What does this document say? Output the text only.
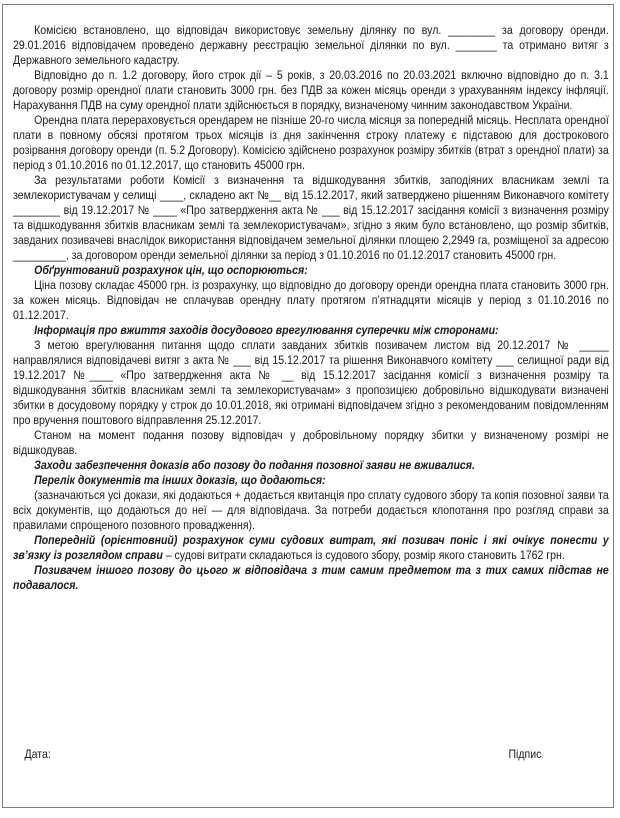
Комісією встановлено, що відповідач використовує земельну ділянку по вул. ________ за договору оренди. 29.01.2016 відповідачем проведено державну реєстрацію земельної ділянки по вул. _______ та отримано витяг з Державного земельного кадастру.

Відповідно до п. 1.2 договору, його строк дії – 5 років, з 20.03.2016 по 20.03.2021 включно відповідно до п. 3.1 договору розмір орендної плати становить 3000 грн. без ПДВ за кожен місяць оренди з урахуванням індексу інфляції. Нарахування ПДВ на суму орендної плати здійснюється в порядку, визначеному чинним законодавством України.

Орендна плата перераховується орендарем не пізніше 20-го числа місяця за попередній місяць. Несплата орендної плати в повному обсязі протягом трьох місяців із дня закінчення строку платежу є підставою для дострокового розірвання договору оренди (п. 5.2 Договору). Комісією здійснено розрахунок розміру збитків (втрат з орендної плати) за період з 01.10.2016 по 01.12.2017, що становить 45000 грн.

За результатами роботи Комісії з визначення та відшкодування збитків, заподіяних власникам землі та землекористувачам у селищі ____, складено акт №__ від 15.12.2017, який затверджено рішенням Виконавчого комітету ________ від 19.12.2017 № ____ «Про затвердження акта № ___ від 15.12.2017 засідання комісії з визначення розміру та відшкодування збитків власникам землі та землекористувачам», згідно з яким було встановлено, що розмір збитків, завданих позивачеві внаслідок використання відповідачем земельної ділянки площею 2,2949 га, розміщеної за адресою _________, за договором оренди земельної ділянки за період з 01.10.2016 по 01.12.2017 становить 45000 грн.

Обґрунтований розрахунок цін, що оспорюються:

Ціна позову складає 45000 грн. із розрахунку, що відповідно до договору оренди орендна плата становить 3000 грн. за кожен місяць. Відповідач не сплачував орендну плату протягом п’ятнадцяти місяців у період з 01.10.2016 по 01.12.2017.

Інформація про вжиття заходів досудового врегулювання суперечки між сторонами:

З метою врегулювання питання щодо сплати завданих збитків позивачем листом від 20.12.2017 № _____ направлялися відповідачеві витяг з акта № ___ від 15.12.2017 та рішення Виконавчого комітету ___ селищної ради від 19.12.2017 №____ «Про затвердження акта № __ від 15.12.2017 засідання комісії з визначення розміру та відшкодування збитків власникам землі та землекористувачам» з пропозицією добровільно відшкодувати визначені збитки в досудовому порядку у строк до 10.01.2018, які отримані відповідачем згідно з рекомендованим повідомленням про вручення поштового відправлення 25.12.2017.

Станом на момент подання позову відповідач у добровільному порядку збитки у визначеному розмірі не відшкодував.

Заходи забезпечення доказів або позову до подання позовної заяви не вживалися.

Перелік документів та інших доказів, що додаються:

(зазначаються усі докази, які додаються + додається квитанція про сплату судового збору та копія позовної заяви та всіх документів, що додаються до неї — для відповідача. За потреби додається клопотання про розгляд справи за правилами спрощеного позовного провадження).

Попередній (орієнтовний) розрахунок суми судових витрат, які позивач поніс і які очікує понести у зв’язку із розглядом справи – судові витрати складаються із судового збору, розмір якого становить 1762 грн.

Позивачем іншого позову до цього ж відповідача з тим самим предметом та з тих самих підстав не подавалося.

Дата:	Підпис
